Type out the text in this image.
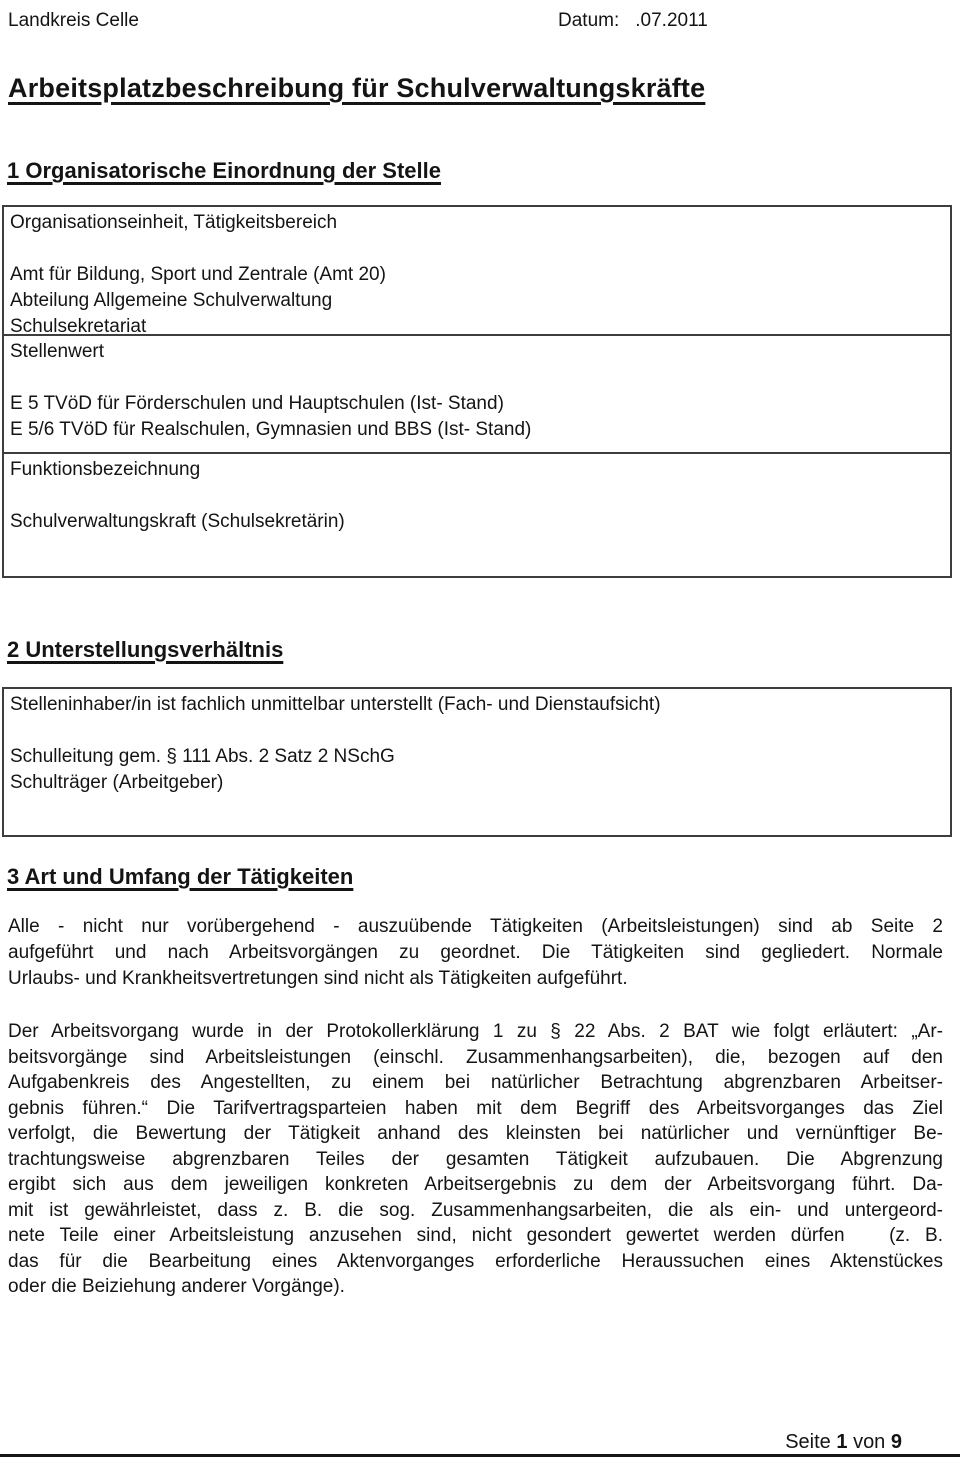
Landkreis Celle	Datum: .07.2011
Arbeitsplatzbeschreibung für Schulverwaltungskräfte
1 Organisatorische Einordnung der Stelle
Organisationseinheit, Tätigkeitsbereich
Amt für Bildung, Sport und Zentrale (Amt 20)
Abteilung Allgemeine Schulverwaltung
Schulsekretariat
Stellenwert
E 5 TVöD für Förderschulen und Hauptschulen (Ist- Stand)
E 5/6 TVöD für Realschulen, Gymnasien und BBS (Ist- Stand)
Funktionsbezeichnung
Schulverwaltungskraft (Schulsekretärin)
2 Unterstellungsverhältnis
Stelleninhaber/in ist fachlich unmittelbar unterstellt (Fach- und Dienstaufsicht)
Schulleitung gem. § 111 Abs. 2 Satz 2 NSchG
Schulträger (Arbeitgeber)
3 Art und Umfang der Tätigkeiten
Alle - nicht nur vorübergehend - auszuübende Tätigkeiten (Arbeitsleistungen) sind ab Seite 2
aufgeführt und nach Arbeitsvorgängen zu geordnet. Die Tätigkeiten sind gegliedert. Normale
Urlaubs- und Krankheitsvertretungen sind nicht als Tätigkeiten aufgeführt.
Der Arbeitsvorgang wurde in der Protokollerklärung 1 zu § 22 Abs. 2 BAT wie folgt erläutert: „Ar-
beitsvorgänge sind Arbeitsleistungen (einschl. Zusammenhangsarbeiten), die, bezogen auf den
Aufgabenkreis des Angestellten, zu einem bei natürlicher Betrachtung abgrenzbaren Arbeitser-
gebnis führen.“ Die Tarifvertragsparteien haben mit dem Begriff des Arbeitsvorganges das Ziel
verfolgt, die Bewertung der Tätigkeit anhand des kleinsten bei natürlicher und vernünftiger Be-
trachtungsweise abgrenzbaren Teiles der gesamten Tätigkeit aufzubauen. Die Abgrenzung
ergibt sich aus dem jeweiligen konkreten Arbeitsergebnis zu dem der Arbeitsvorgang führt. Da-
mit ist gewährleistet, dass z. B. die sog. Zusammenhangsarbeiten, die als ein- und untergeord-
nete Teile einer Arbeitsleistung anzusehen sind, nicht gesondert gewertet werden dürfen   (z. B.
das für die Bearbeitung eines Aktenvorganges erforderliche Heraussuchen eines Aktenstückes
oder die Beiziehung anderer Vorgänge).
Seite 1 von 9
